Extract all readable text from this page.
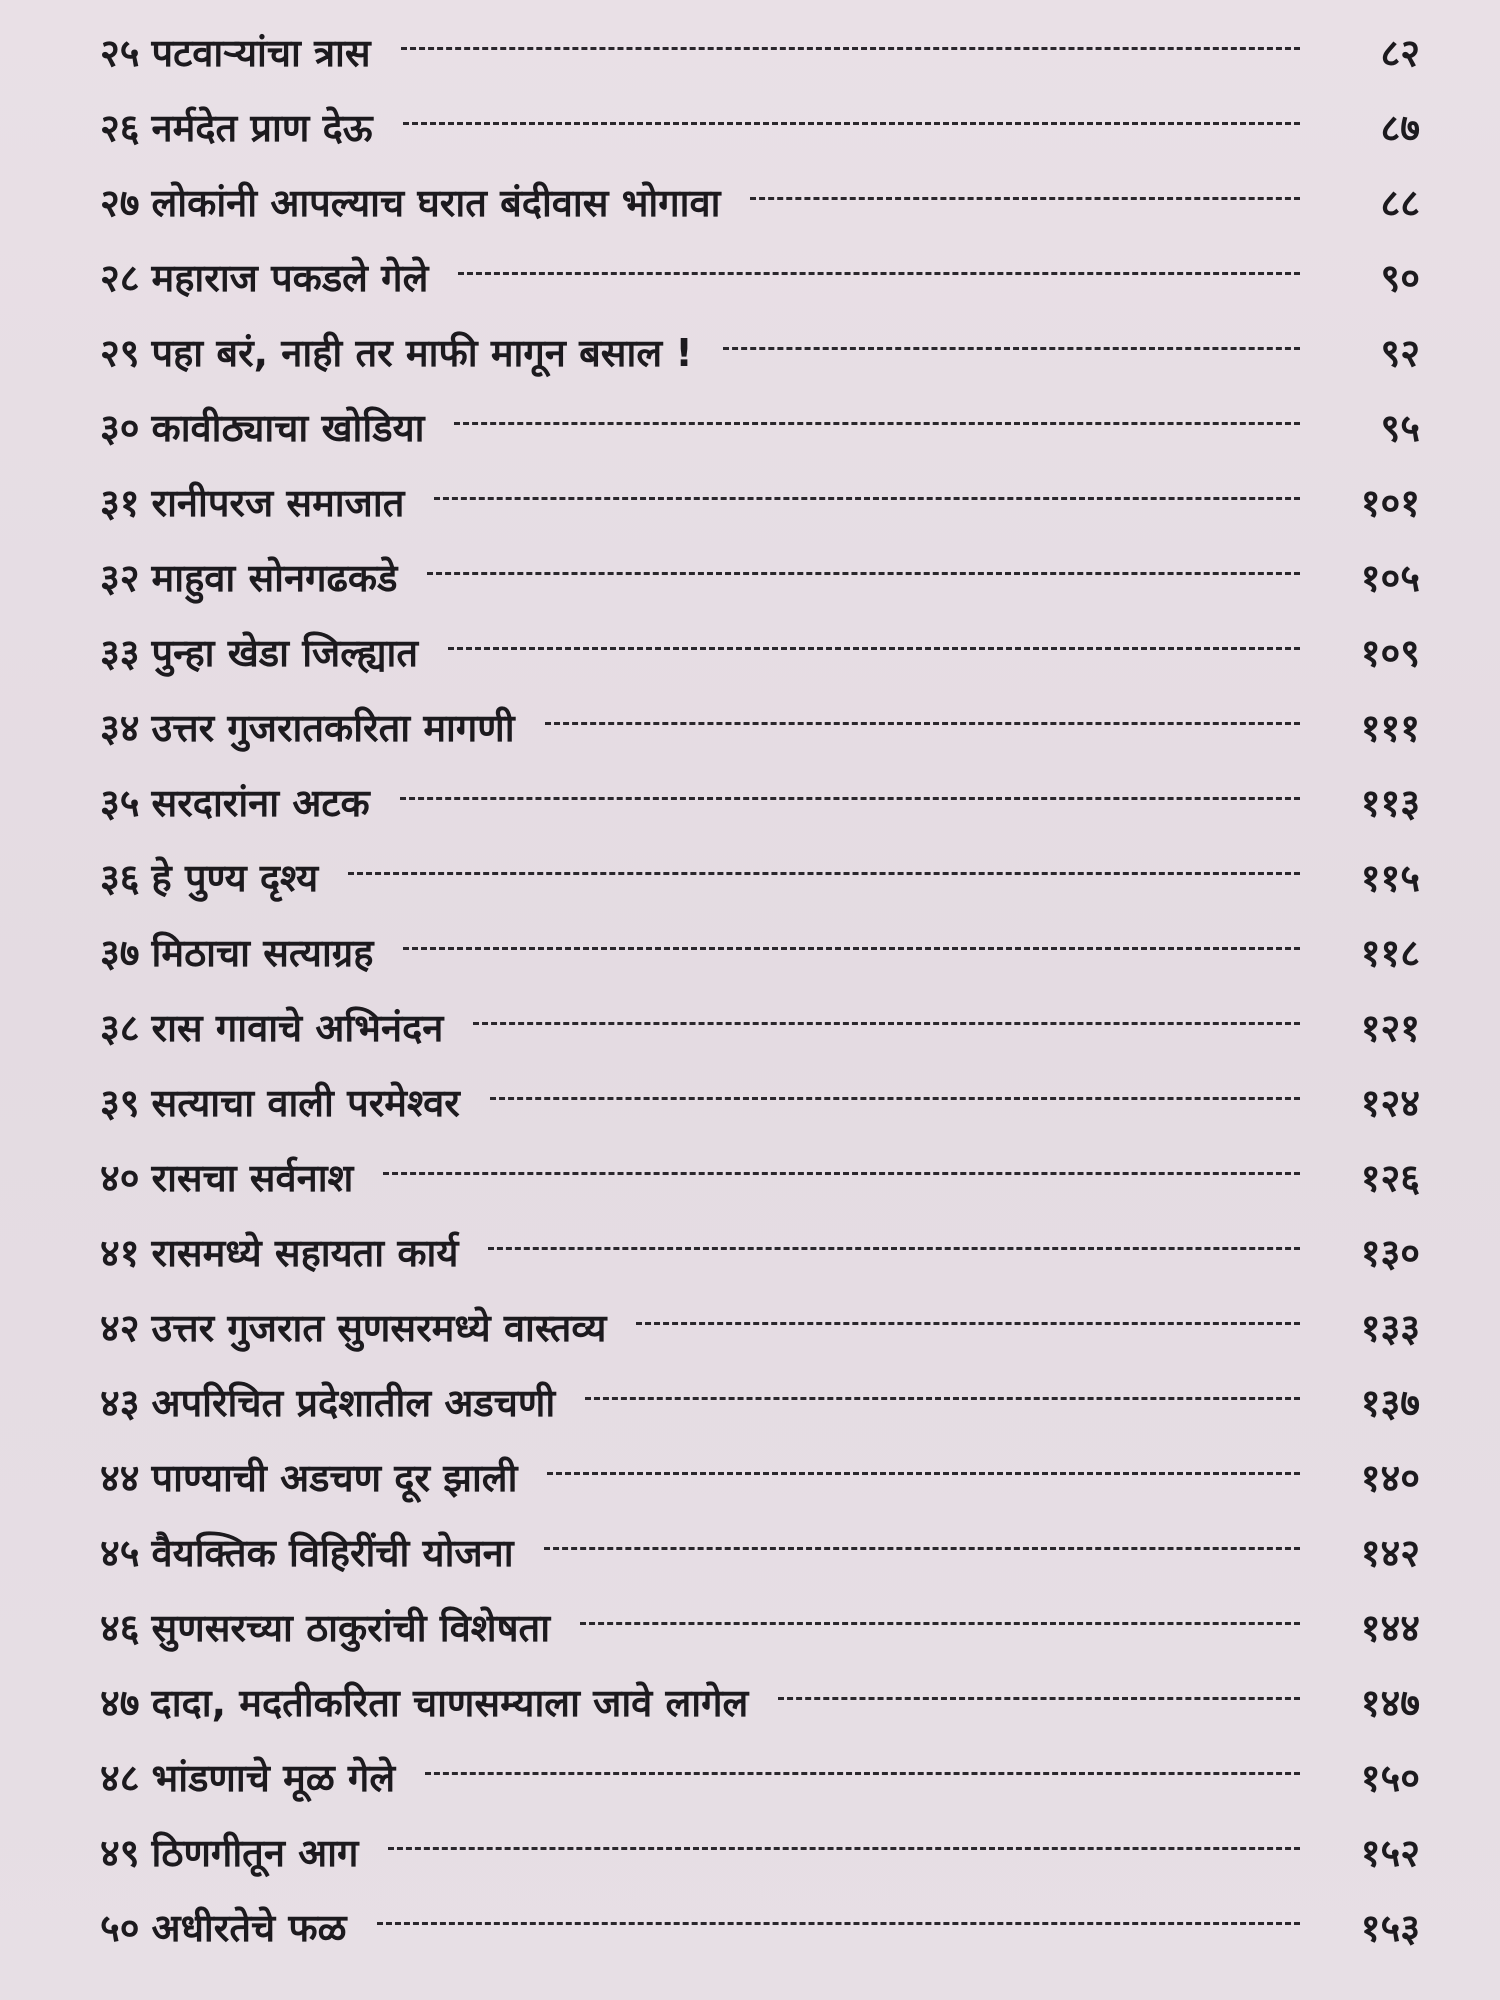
२५ पटवाऱ्यांचा त्रास	८२
२६ नर्मदेत प्राण देऊ	८७
२७ लोकांनी आपल्याच घरात बंदीवास भोगावा	८८
२८ महाराज पकडले गेले	९०
२९ पहा बरं, नाही तर माफी मागून बसाल !	९२
३० कावीठ्याचा खोडिया	९५
३१ रानीपरज समाजात	१०१
३२ माहुवा सोनगढकडे	१०५
३३ पुन्हा खेडा जिल्ह्यात	१०९
३४ उत्तर गुजरातकरिता मागणी	१११
३५ सरदारांना अटक	११३
३६ हे पुण्य दृश्य	११५
३७ मिठाचा सत्याग्रह	११८
३८ रास गावाचे अभिनंदन	१२१
३९ सत्याचा वाली परमेश्वर	१२४
४० रासचा सर्वनाश	१२६
४१ रासमध्ये सहायता कार्य	१३०
४२ उत्तर गुजरात सुणसरमध्ये वास्तव्य	१३३
४३ अपरिचित प्रदेशातील अडचणी	१३७
४४ पाण्याची अडचण दूर झाली	१४०
४५ वैयक्तिक विहिरींची योजना	१४२
४६ सुणसरच्या ठाकुरांची विशेषता	१४४
४७ दादा, मदतीकरिता चाणसम्याला जावे लागेल	१४७
४८ भांडणाचे मूळ गेले	१५०
४९ ठिणगीतून आग	१५२
५० अधीरतेचे फळ	१५३
